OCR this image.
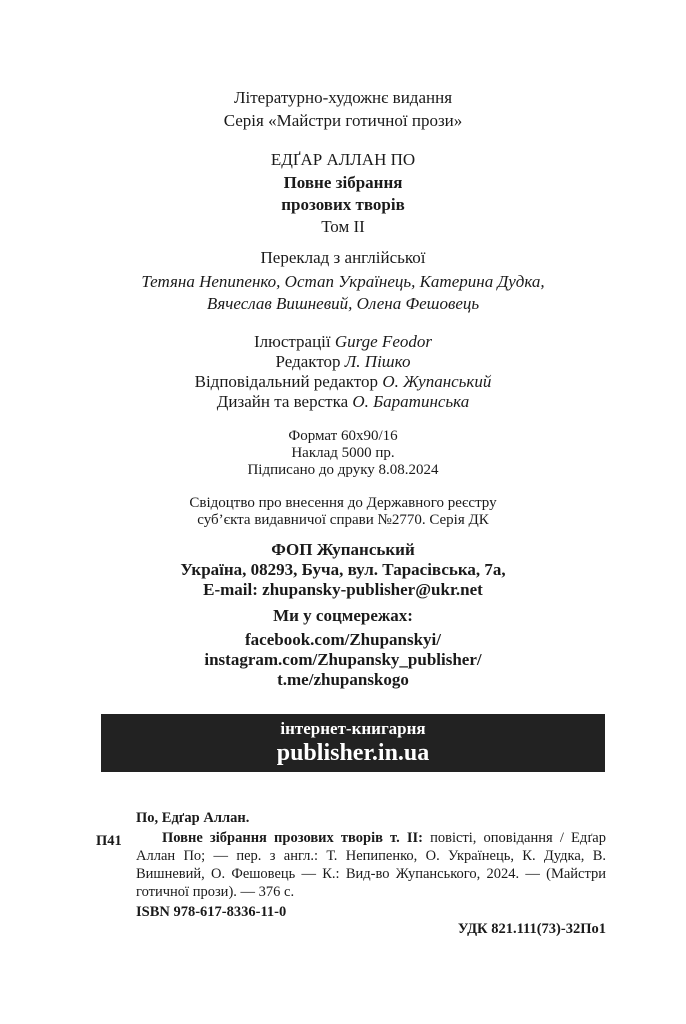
Літературно-художнє видання
Серія «Майстри готичної прози»
ЕДҐАР АЛЛАН ПО
Повне зібрання
прозових творів
Том II
Переклад з англійської
Тетяна Непипенко, Остап Українець, Катерина Дудка,
Вячеслав Вишневий, Олена Фешовець
Ілюстрації Gurge Feodor
Редактор Л. Пішко
Відповідальний редактор О. Жупанський
Дизайн та верстка О. Баратинська
Формат 60x90/16
Наклад 5000 пр.
Підписано до друку 8.08.2024
Свідоцтво про внесення до Державного реєстру
суб’єкта видавничої справи №2770. Серія ДК
ФОП Жупанський
Україна, 08293, Буча, вул. Тарасівська, 7а,
E-mail: zhupansky-publisher@ukr.net
Ми у соцмережах:
facebook.com/Zhupanskyi/
instagram.com/Zhupansky_publisher/
t.me/zhupanskogo
інтернет-книгарня
publisher.in.ua
По, Едґар Аллан.
П41	Повне зібрання прозових творів т. II: повісті, оповідання / Едґар Аллан По; — пер. з англ.: Т. Непипенко, О. Українець, К. Дудка, В. Вишневий, О. Фешовець — К.: Вид-во Жупанського, 2024. — (Майстри готичної прози). — 376 с.
ISBN 978-617-8336-11-0
УДК 821.111(73)-32По1
